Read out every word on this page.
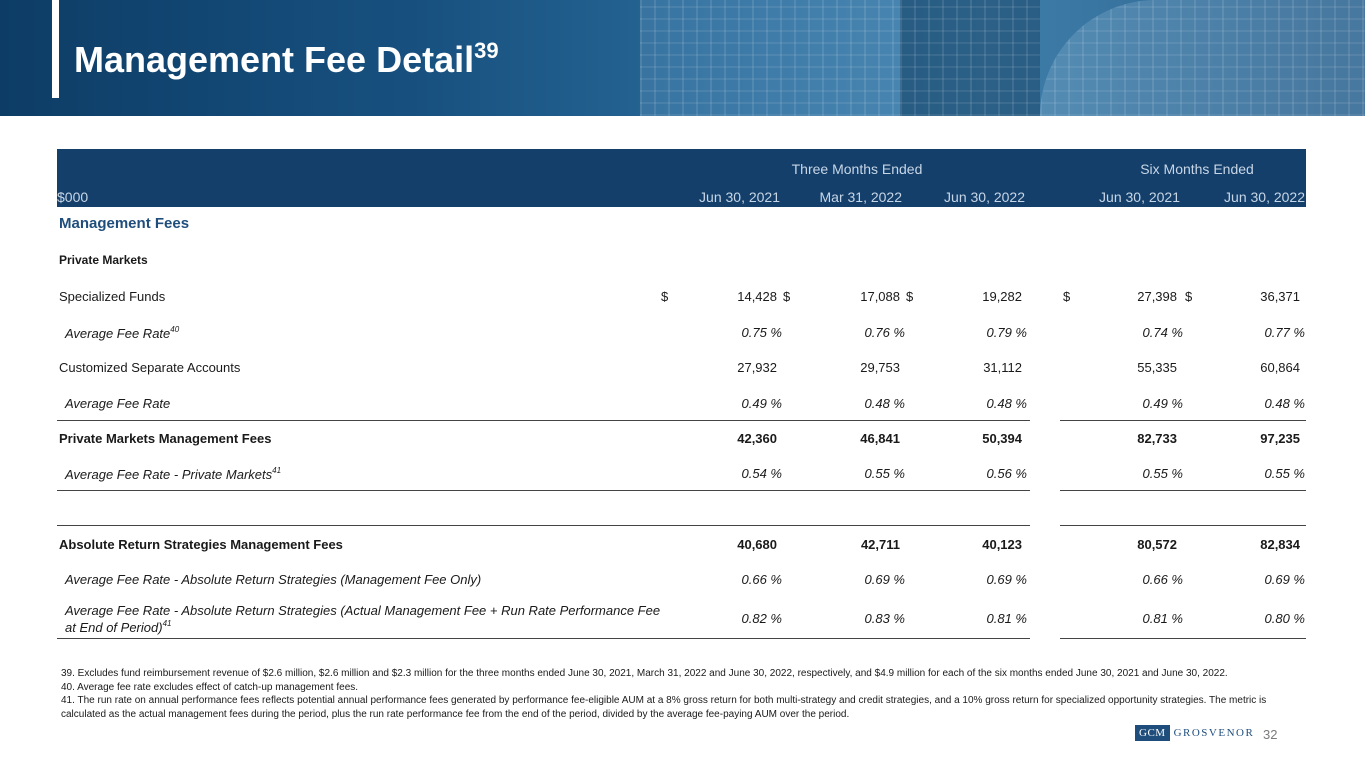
Management Fee Detail$^{39}$
Three Months Ended	Six Months Ended
$000	Jun 30, 2021	Mar 31, 2022	Jun 30, 2022	Jun 30, 2021	Jun 30, 2022
Management Fees
Private Markets
Specialized Funds	$	14,428 $	17,088 $	19,282	$	27,398 $	36,371
Average Fee Rate$^{40}$	0.75 %	0.76 %	0.79 %	0.74 %	0.77 %
Customized Separate Accounts	27,932	29,753	31,112	55,335	60,864
Average Fee Rate	0.49 %	0.48 %	0.48 %	0.49 %	0.48 %
Private Markets Management Fees	42,360	46,841	50,394	82,733	97,235
Average Fee Rate - Private Markets$^{41}$	0.54 %	0.55 %	0.56 %	0.55 %	0.55 %
Absolute Return Strategies Management Fees	40,680	42,711	40,123	80,572	82,834
Average Fee Rate - Absolute Return Strategies (Management Fee Only)	0.66 %	0.69 %	0.69 %	0.66 %	0.69 %
Average Fee Rate - Absolute Return Strategies (Actual Management Fee + Run Rate Performance Fee
at End of Period)$^{41}$	0.82 %	0.83 %	0.81 %	0.81 %	0.80 %
39. Excludes fund reimbursement revenue of $2.6 million, $2.6 million and $2.3 million for the three months ended June 30, 2021, March 31, 2022 and June 30, 2022, respectively, and $4.9 million for each of the six months ended June 30, 2021 and June 30, 2022.
40. Average fee rate excludes effect of catch-up management fees.
41. The run rate on annual performance fees reflects potential annual performance fees generated by performance fee-eligible AUM at a 8% gross return for both multi-strategy and credit strategies, and a 10% gross return for specialized opportunity strategies. The metric is calculated as the actual management fees during the period, plus the run rate performance fee from the end of the period, divided by the average fee-paying AUM over the period.
GCM GROSVENOR 32
